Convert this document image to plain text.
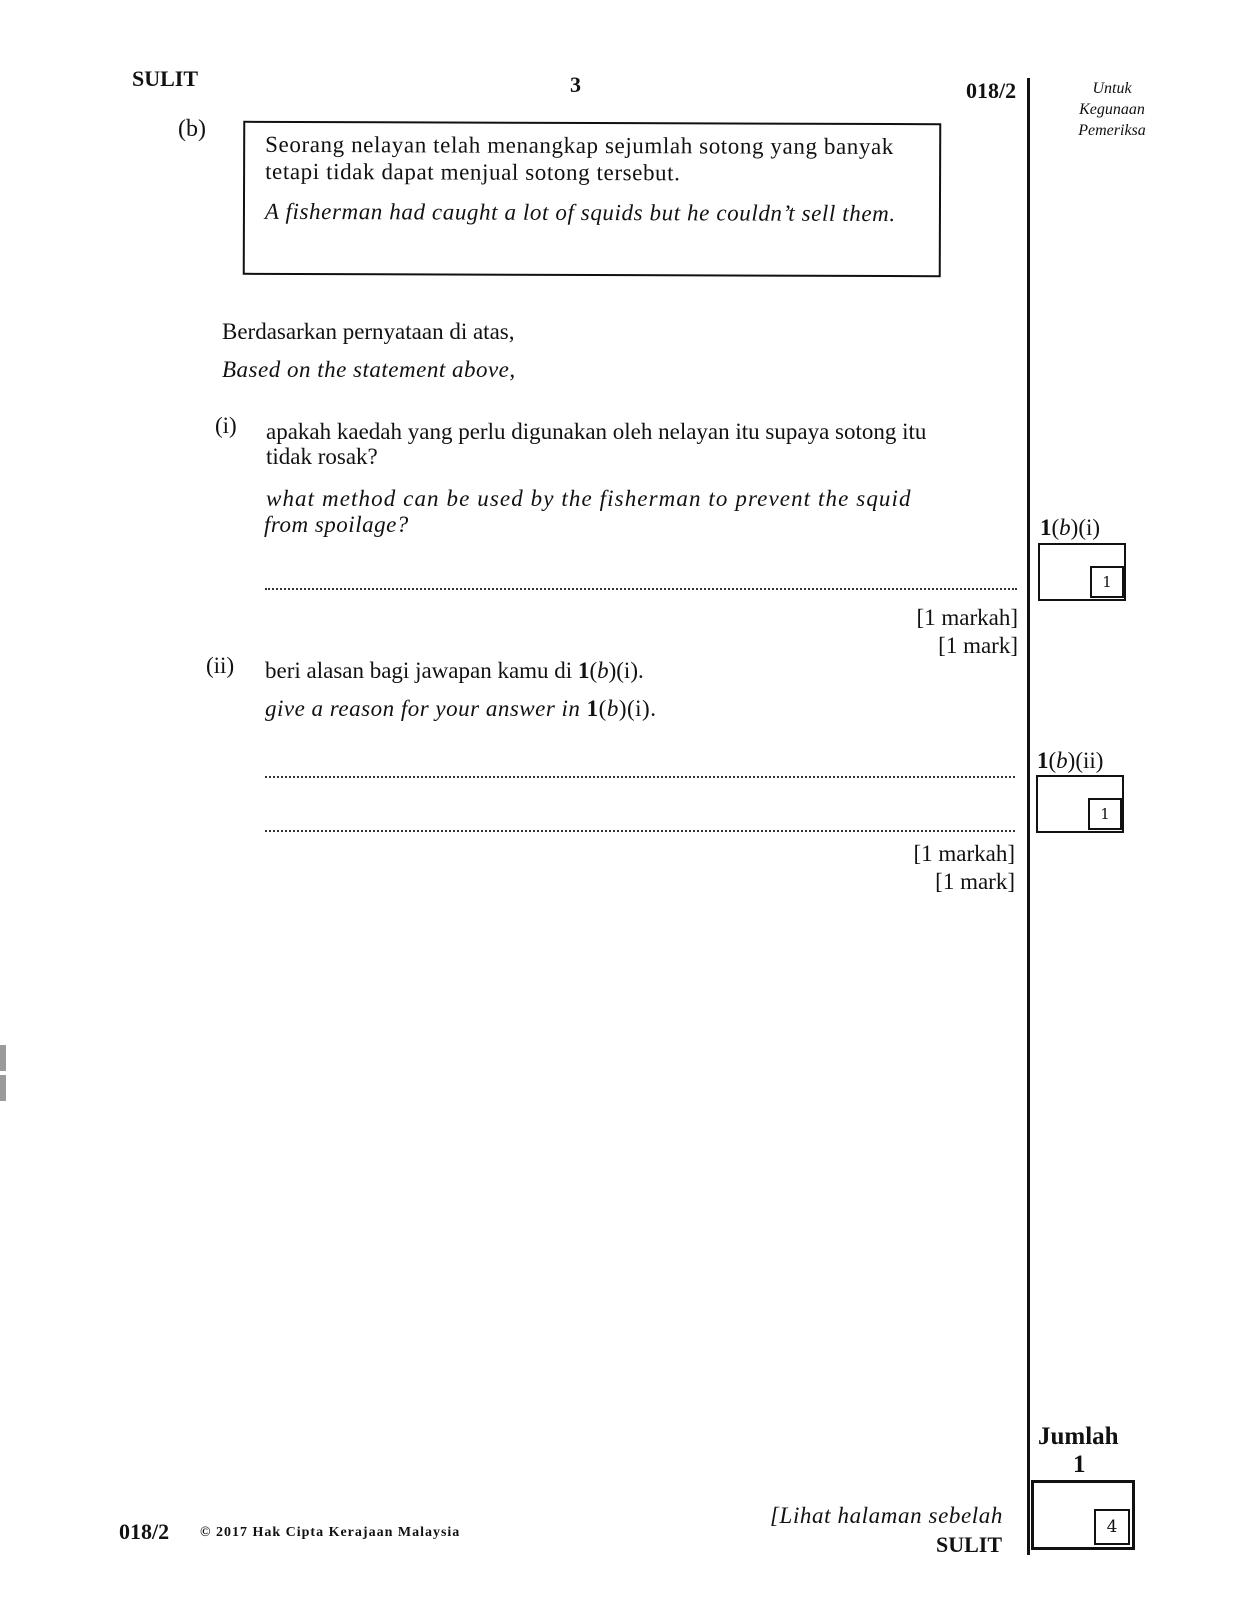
SULIT	3	018/2	Untuk
Kegunaan
Pemeriksa
(b)
Seorang nelayan telah menangkap sejumlah sotong yang banyak tetapi tidak dapat menjual sotong tersebut.
A fisherman had caught a lot of squids but he couldn’t sell them.
Berdasarkan pernyataan di atas,
Based on the statement above,
(i) apakah kaedah yang perlu digunakan oleh nelayan itu supaya sotong itu
tidak rosak?
what method can be used by the fisherman to prevent the squid
from spoilage?
[1 markah]
[1 mark]
1(b)(i)
1
(ii) beri alasan bagi jawapan kamu di 1(b)(i).
give a reason for your answer in 1(b)(i).
[1 markah]
[1 mark]
1(b)(ii)
1
Jumlah
1
4
018/2 © 2017 Hak Cipta Kerajaan Malaysia
[Lihat halaman sebelah
SULIT
